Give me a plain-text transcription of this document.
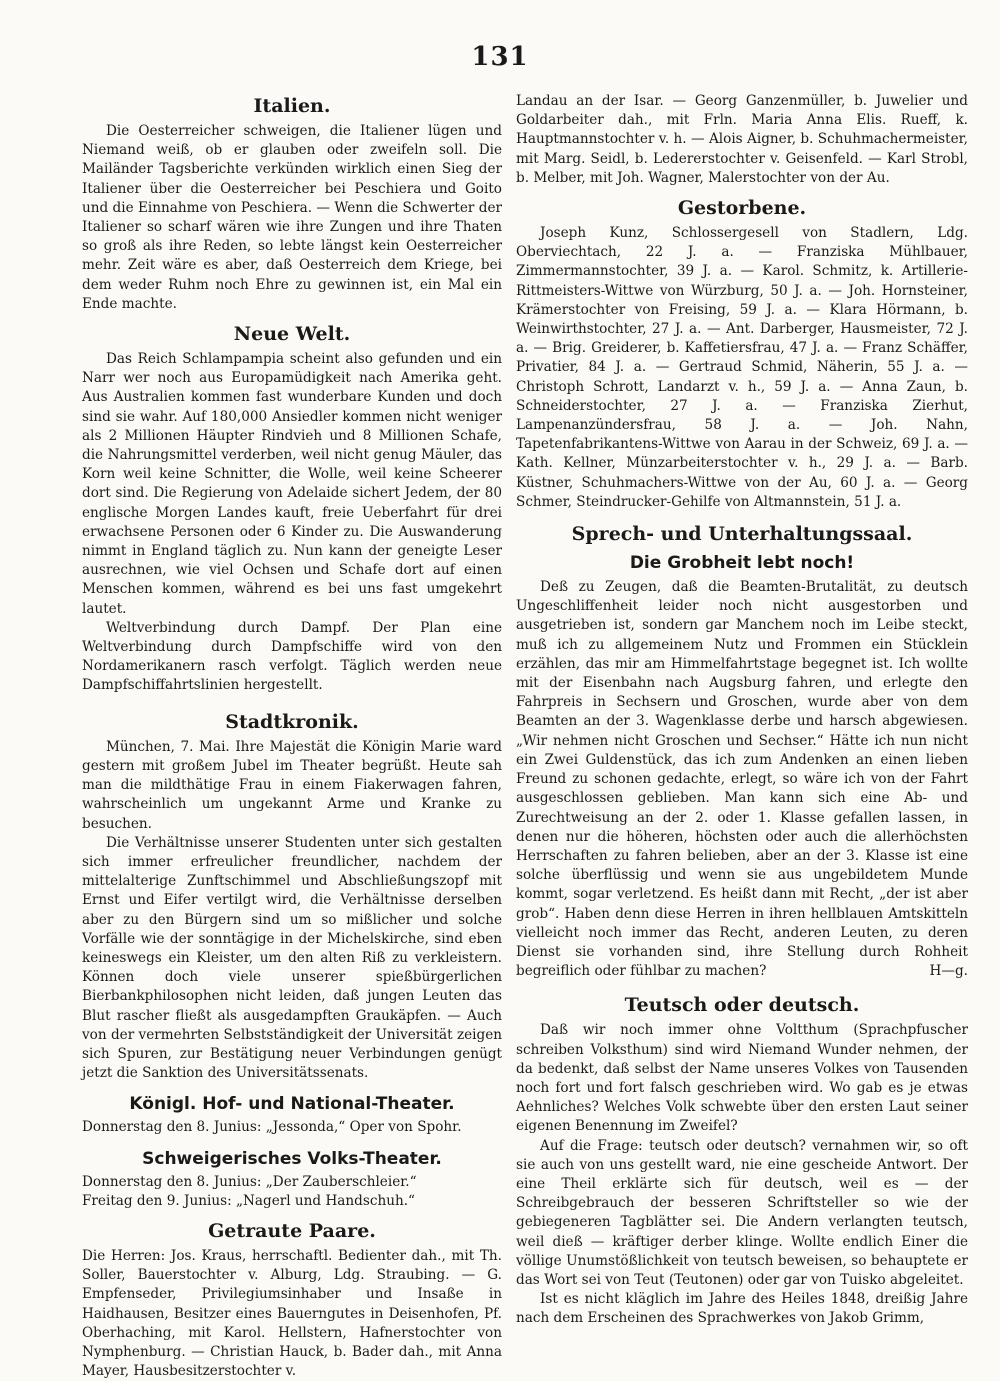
131
Italien.

Die Oesterreicher schweigen, die Italiener lügen und Niemand weiß, ob er glauben oder zweifeln soll. Die Mailänder Tagsberichte verkünden wirklich einen Sieg der Italiener über die Oesterreicher bei Peschiera und Goito und die Einnahme von Peschiera. — Wenn die Schwerter der Italiener so scharf wären wie ihre Zungen und ihre Thaten so groß als ihre Reden, so lebte längst kein Oesterreicher mehr. Zeit wäre es aber, daß Oesterreich dem Kriege, bei dem weder Ruhm noch Ehre zu gewinnen ist, ein Mal ein Ende machte.

Neue Welt.

Das Reich Schlampampia scheint also gefunden und ein Narr wer noch aus Europamüdigkeit nach Amerika geht. Aus Australien kommen fast wunderbare Kunden und doch sind sie wahr. Auf 180,000 Ansiedler kommen nicht weniger als 2 Millionen Häupter Rindvieh und 8 Millionen Schafe, die Nahrungsmittel verderben, weil nicht genug Mäuler, das Korn weil keine Schnitter, die Wolle, weil keine Scheerer dort sind. Die Regierung von Adelaide sichert Jedem, der 80 englische Morgen Landes kauft, freie Ueberfahrt für drei erwachsene Personen oder 6 Kinder zu. Die Auswanderung nimmt in England täglich zu. Nun kann der geneigte Leser ausrechnen, wie viel Ochsen und Schafe dort auf einen Menschen kommen, während es bei uns fast umgekehrt lautet.

Weltverbindung durch Dampf. Der Plan eine Weltverbindung durch Dampfschiffe wird von den Nordamerikanern rasch verfolgt. Täglich werden neue Dampfschiffahrtslinien hergestellt.

Stadtkronik.

München, 7. Mai. Ihre Majestät die Königin Marie ward gestern mit großem Jubel im Theater begrüßt. Heute sah man die mildthätige Frau in einem Fiakerwagen fahren, wahrscheinlich um ungekannt Arme und Kranke zu besuchen.

Die Verhältnisse unserer Studenten unter sich gestalten sich immer erfreulicher freundlicher, nachdem der mittelalterige Zunftschimmel und Abschließungszopf mit Ernst und Eifer vertilgt wird, die Verhältnisse derselben aber zu den Bürgern sind um so mißlicher und solche Vorfälle wie der sonntägige in der Michelskirche, sind eben keineswegs ein Kleister, um den alten Riß zu verkleistern. Können doch viele unserer spießbürgerlichen Bierbankphilosophen nicht leiden, daß jungen Leuten das Blut rascher fließt als ausgedampften Graukäpfen. — Auch von der vermehrten Selbstständigkeit der Universität zeigen sich Spuren, zur Bestätigung neuer Verbindungen genügt jetzt die Sanktion des Universitätssenats.

Königl. Hof- und National-Theater.

Donnerstag den 8. Junius: „Jessonda,“ Oper von Spohr.

Schweigerisches Volks-Theater.

Donnerstag den 8. Junius: „Der Zauberschleier.“

Freitag den 9. Junius: „Nagerl und Handschuh.“

Getraute Paare.

Die Herren: Jos. Kraus, herrschaftl. Bedienter dah., mit Th. Soller, Bauerstochter v. Alburg, Ldg. Straubing. — G. Empfenseder, Privilegiumsinhaber und Insaße in Haidhausen, Besitzer eines Bauerngutes in Deisenhofen, Pf. Oberhaching, mit Karol. Hellstern, Hafnerstochter von Nymphenburg. — Christian Hauck, b. Bader dah., mit Anna Mayer, Hausbesitzerstochter v.

Landau an der Isar. — Georg Ganzenmüller, b. Juwelier und Goldarbeiter dah., mit Frln. Maria Anna Elis. Rueff, k. Hauptmannstochter v. h. — Alois Aigner, b. Schuhmachermeister, mit Marg. Seidl, b. Ledererstochter v. Geisenfeld. — Karl Strobl, b. Melber, mit Joh. Wagner, Malerstochter von der Au.

Gestorbene.

Joseph Kunz, Schlossergesell von Stadlern, Ldg. Oberviechtach, 22 J. a. — Franziska Mühlbauer, Zimmermannstochter, 39 J. a. — Karol. Schmitz, k. Artillerie-Rittmeisters-Wittwe von Würzburg, 50 J. a. — Joh. Hornsteiner, Krämerstochter von Freising, 59 J. a. — Klara Hörmann, b. Weinwirthstochter, 27 J. a. — Ant. Darberger, Hausmeister, 72 J. a. — Brig. Greiderer, b. Kaffetiersfrau, 47 J. a. — Franz Schäffer, Privatier, 84 J. a. — Gertraud Schmid, Näherin, 55 J. a. — Christoph Schrott, Landarzt v. h., 59 J. a. — Anna Zaun, b. Schneiderstochter, 27 J. a. — Franziska Zierhut, Lampenanzündersfrau, 58 J. a. — Joh. Nahn, Tapetenfabrikantens-Wittwe von Aarau in der Schweiz, 69 J. a. — Kath. Kellner, Münzarbeiterstochter v. h., 29 J. a. — Barb. Küstner, Schuhmachers-Wittwe von der Au, 60 J. a. — Georg Schmer, Steindrucker-Gehilfe von Altmannstein, 51 J. a.

Sprech- und Unterhaltungssaal.
Die Grobheit lebt noch!

Deß zu Zeugen, daß die Beamten-Brutalität, zu deutsch Ungeschliffenheit leider noch nicht ausgestorben und ausgetrieben ist, sondern gar Manchem noch im Leibe steckt, muß ich zu allgemeinem Nutz und Frommen ein Stücklein erzählen, das mir am Himmelfahrtstage begegnet ist. Ich wollte mit der Eisenbahn nach Augsburg fahren, und erlegte den Fahrpreis in Sechsern und Groschen, wurde aber von dem Beamten an der 3. Wagenklasse derbe und harsch abgewiesen. „Wir nehmen nicht Groschen und Sechser.“ Hätte ich nun nicht ein Zwei Guldenstück, das ich zum Andenken an einen lieben Freund zu schonen gedachte, erlegt, so wäre ich von der Fahrt ausgeschlossen geblieben. Man kann sich eine Ab- und Zurechtweisung an der 2. oder 1. Klasse gefallen lassen, in denen nur die höheren, höchsten oder auch die allerhöchsten Herrschaften zu fahren belieben, aber an der 3. Klasse ist eine solche überflüssig und wenn sie aus ungebildetem Munde kommt, sogar verletzend. Es heißt dann mit Recht, „der ist aber grob“. Haben denn diese Herren in ihren hellblauen Amtskitteln vielleicht noch immer das Recht, anderen Leuten, zu deren Dienst sie vorhanden sind, ihre Stellung durch Rohheit begreiflich oder fühlbar zu machen?	H—g.

Teutsch oder deutsch.

Daß wir noch immer ohne Voltthum (Sprachpfuscher schreiben Volksthum) sind wird Niemand Wunder nehmen, der da bedenkt, daß selbst der Name unseres Volkes von Tausenden noch fort und fort falsch geschrieben wird. Wo gab es je etwas Aehnliches? Welches Volk schwebte über den ersten Laut seiner eigenen Benennung im Zweifel?

Auf die Frage: teutsch oder deutsch? vernahmen wir, so oft sie auch von uns gestellt ward, nie eine gescheide Antwort. Der eine Theil erklärte sich für deutsch, weil es — der Schreibgebrauch der besseren Schriftsteller so wie der gebiegeneren Tagblätter sei. Die Andern verlangten teutsch, weil dieß — kräftiger derber klinge. Wollte endlich Einer die völlige Unumstößlichkeit von teutsch beweisen, so behauptete er das Wort sei von Teut (Teutonen) oder gar von Tuisko abgeleitet.

Ist es nicht kläglich im Jahre des Heiles 1848, dreißig Jahre nach dem Erscheinen des Sprachwerkes von Jakob Grimm,
